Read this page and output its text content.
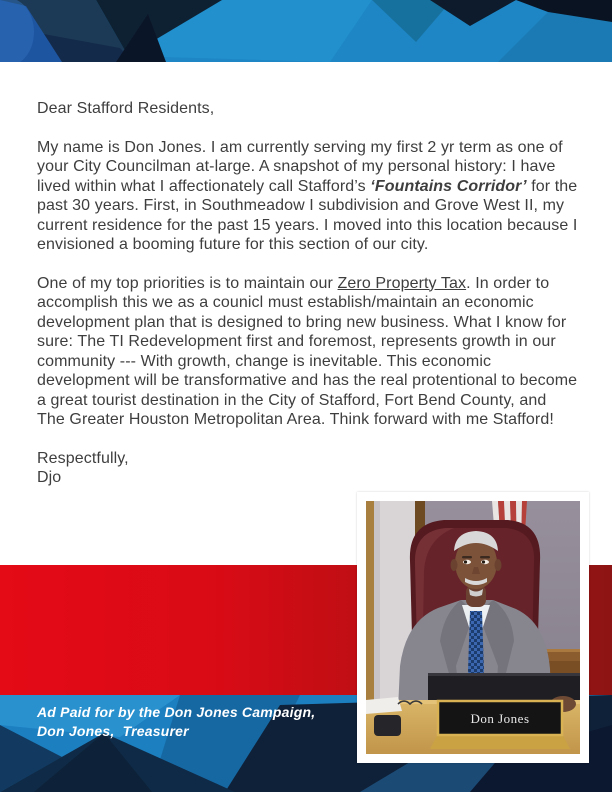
Dear Stafford Residents,

My name is Don Jones. I am currently serving my first 2 yr term as one of your City Councilman at-large. A snapshot of my personal history: I have lived within what I affectionately call Stafford’s ‘Fountains Corridor’ for the past 30 years. First, in Southmeadow I subdivision and Grove West II, my current residence for the past 15 years. I moved into this location because I envisioned a booming future for this section of our city.

One of my top priorities is to maintain our Zero Property Tax. In order to accomplish this we as a counicl must establish/maintain an economic development plan that is designed to bring new business. What I know for sure: The TI Redevelopment first and foremost, represents growth in our community --- With growth, change is inevitable. This economic development will be transformative and has the real protentional to become a great tourist destination in the City of Stafford, Fort Bend County, and The Greater Houston Metropolitan Area. Think forward with me Stafford!

Respectfully,

Djo

Ad Paid for by the Don Jones Campaign,
Don Jones,  Treasurer
Don Jones
